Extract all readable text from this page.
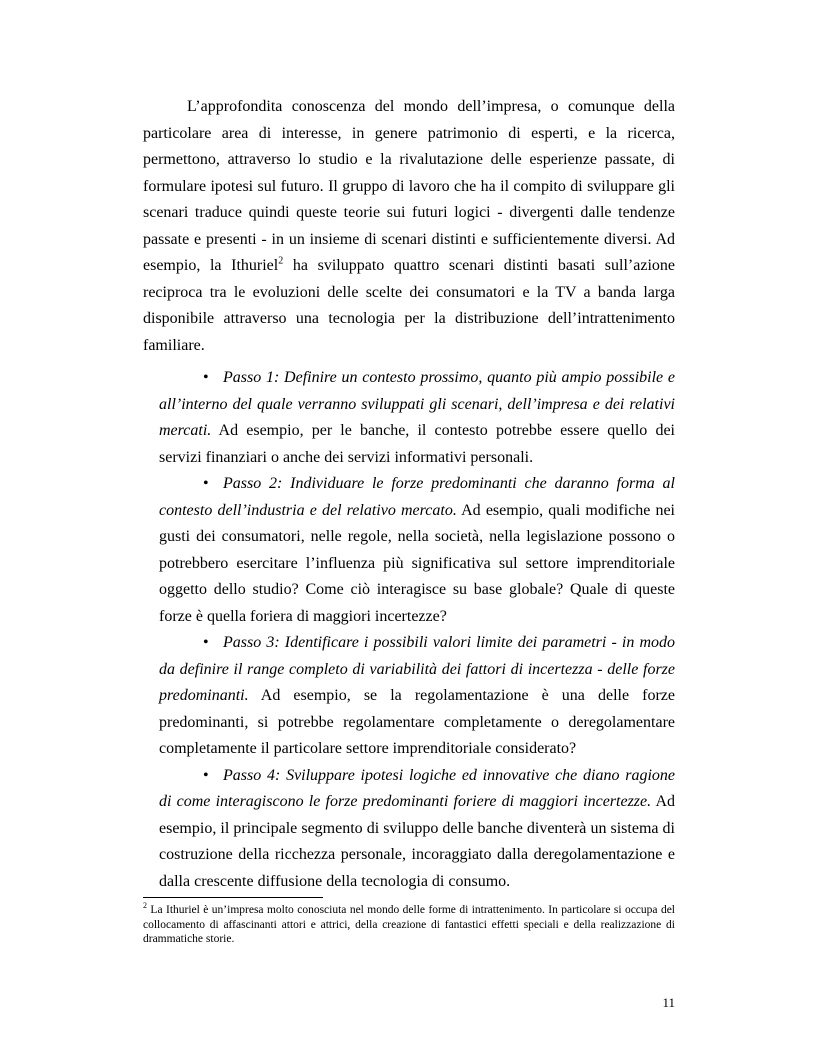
L’approfondita conoscenza del mondo dell’impresa, o comunque della particolare area di interesse, in genere patrimonio di esperti, e la ricerca, permettono, attraverso lo studio e la rivalutazione delle esperienze passate, di formulare ipotesi sul futuro. Il gruppo di lavoro che ha il compito di sviluppare gli scenari traduce quindi queste teorie sui futuri logici - divergenti dalle tendenze passate e presenti - in un insieme di scenari distinti e sufficientemente diversi. Ad esempio, la Ithuriel$^2$ ha sviluppato quattro scenari distinti basati sull’azione reciproca tra le evoluzioni delle scelte dei consumatori e la TV a banda larga disponibile attraverso una tecnologia per la distribuzione dell’intrattenimento familiare.

• Passo 1: Definire un contesto prossimo, quanto più ampio possibile e all’interno del quale verranno sviluppati gli scenari, dell’impresa e dei relativi mercati. Ad esempio, per le banche, il contesto potrebbe essere quello dei servizi finanziari o anche dei servizi informativi personali.
• Passo 2: Individuare le forze predominanti che daranno forma al contesto dell’industria e del relativo mercato. Ad esempio, quali modifiche nei gusti dei consumatori, nelle regole, nella società, nella legislazione possono o potrebbero esercitare l’influenza più significativa sul settore imprenditoriale oggetto dello studio? Come ciò interagisce su base globale? Quale di queste forze è quella foriera di maggiori incertezze?
• Passo 3: Identificare i possibili valori limite dei parametri - in modo da definire il range completo di variabilità dei fattori di incertezza - delle forze predominanti. Ad esempio, se la regolamentazione è una delle forze predominanti, si potrebbe regolamentare completamente o deregolamentare completamente il particolare settore imprenditoriale considerato?
• Passo 4: Sviluppare ipotesi logiche ed innovative che diano ragione di come interagiscono le forze predominanti foriere di maggiori incertezze. Ad esempio, il principale segmento di sviluppo delle banche diventerà un sistema di costruzione della ricchezza personale, incoraggiato dalla deregolamentazione e dalla crescente diffusione della tecnologia di consumo.

$^2$ La Ithuriel è un’impresa molto conosciuta nel mondo delle forme di intrattenimento. In particolare si occupa del collocamento di affascinanti attori e attrici, della creazione di fantastici effetti speciali e della realizzazione di drammatiche storie.

11
